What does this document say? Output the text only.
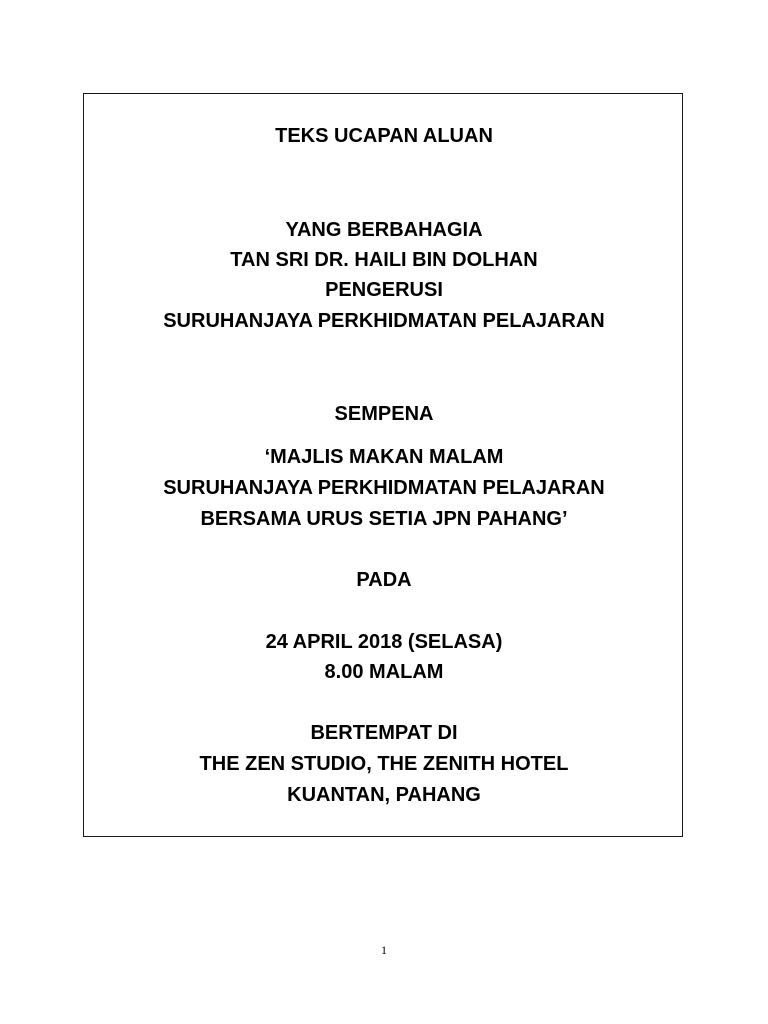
TEKS UCAPAN ALUAN
YANG BERBAHAGIA
TAN SRI DR. HAILI BIN DOLHAN
PENGERUSI
SURUHANJAYA PERKHIDMATAN PELAJARAN
SEMPENA
‘MAJLIS MAKAN MALAM
SURUHANJAYA PERKHIDMATAN PELAJARAN
BERSAMA URUS SETIA JPN PAHANG’
PADA
24 APRIL 2018 (SELASA)
8.00 MALAM
BERTEMPAT DI
THE ZEN STUDIO, THE ZENITH HOTEL
KUANTAN, PAHANG
1
